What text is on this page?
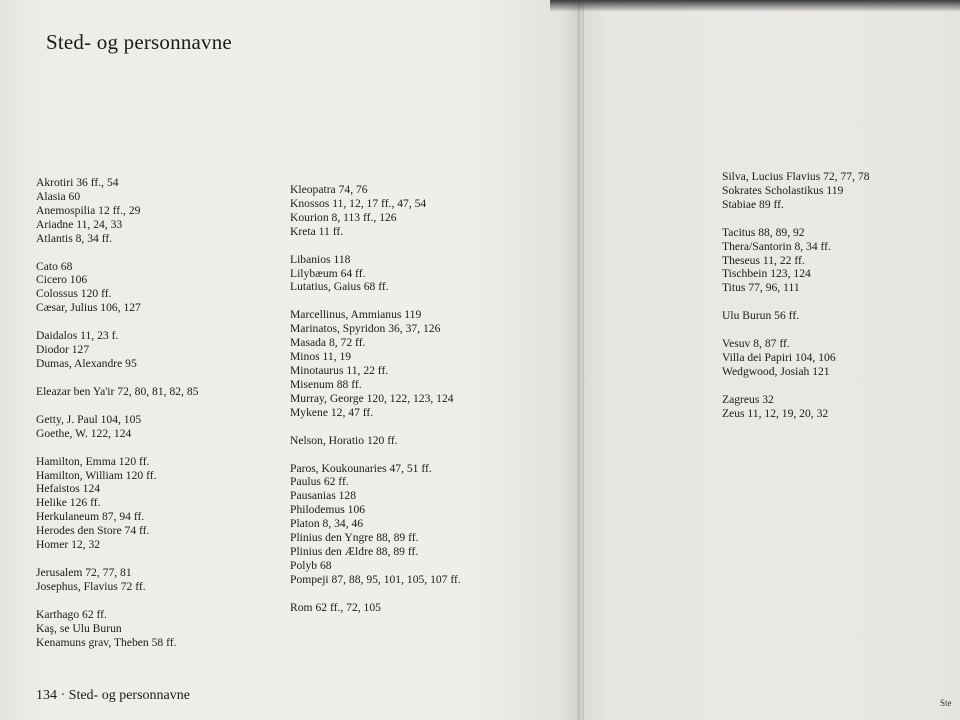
Sted- og personnavne

Akrotiri 36 ff., 54

Alasia 60

Anemospilia 12 ff., 29

Ariadne 11, 24, 33

Atlantis 8, 34 ff.

Cato 68

Cicero 106

Colossus 120 ff.

Cæsar, Julius 106, 127

Daidalos 11, 23 f.

Diodor 127

Dumas, Alexandre 95

Eleazar ben Ya'ir 72, 80, 81, 82, 85

Getty, J. Paul 104, 105

Goethe, W. 122, 124

Hamilton, Emma 120 ff.

Hamilton, William 120 ff.

Hefaistos 124

Helike 126 ff.

Herkulaneum 87, 94 ff.

Herodes den Store 74 ff.

Homer 12, 32

Jerusalem 72, 77, 81

Josephus, Flavius 72 ff.

Karthago 62 ff.

Kaş, se Ulu Burun

Kenamuns grav, Theben 58 ff.

Kleopatra 74, 76

Knossos 11, 12, 17 ff., 47, 54

Kourion 8, 113 ff., 126

Kreta 11 ff.

Libanios 118

Lilybæum 64 ff.

Lutatius, Gaius 68 ff.

Marcellinus, Ammianus 119

Marinatos, Spyridon 36, 37, 126

Masada 8, 72 ff.

Minos 11, 19

Minotaurus 11, 22 ff.

Misenum 88 ff.

Murray, George 120, 122, 123, 124

Mykene 12, 47 ff.

Nelson, Horatio 120 ff.

Paros, Koukounaries 47, 51 ff.

Paulus 62 ff.

Pausanias 128

Philodemus 106

Platon 8, 34, 46

Plinius den Yngre 88, 89 ff.

Plinius den Ældre 88, 89 ff.

Polyb 68

Pompeji 87, 88, 95, 101, 105, 107 ff.

Rom 62 ff., 72, 105

134 · Sted- og personnavne

Silva, Lucius Flavius 72, 77, 78

Sokrates Scholastikus 119

Stabiae 89 ff.

Tacitus 88, 89, 92

Thera/Santorin 8, 34 ff.

Theseus 11, 22 ff.

Tischbein 123, 124

Titus 77, 96, 111

Ulu Burun 56 ff.

Vesuv 8, 87 ff.

Villa dei Papiri 104, 106

Wedgwood, Josiah 121

Zagreus 32

Zeus 11, 12, 19, 20, 32

Ste
